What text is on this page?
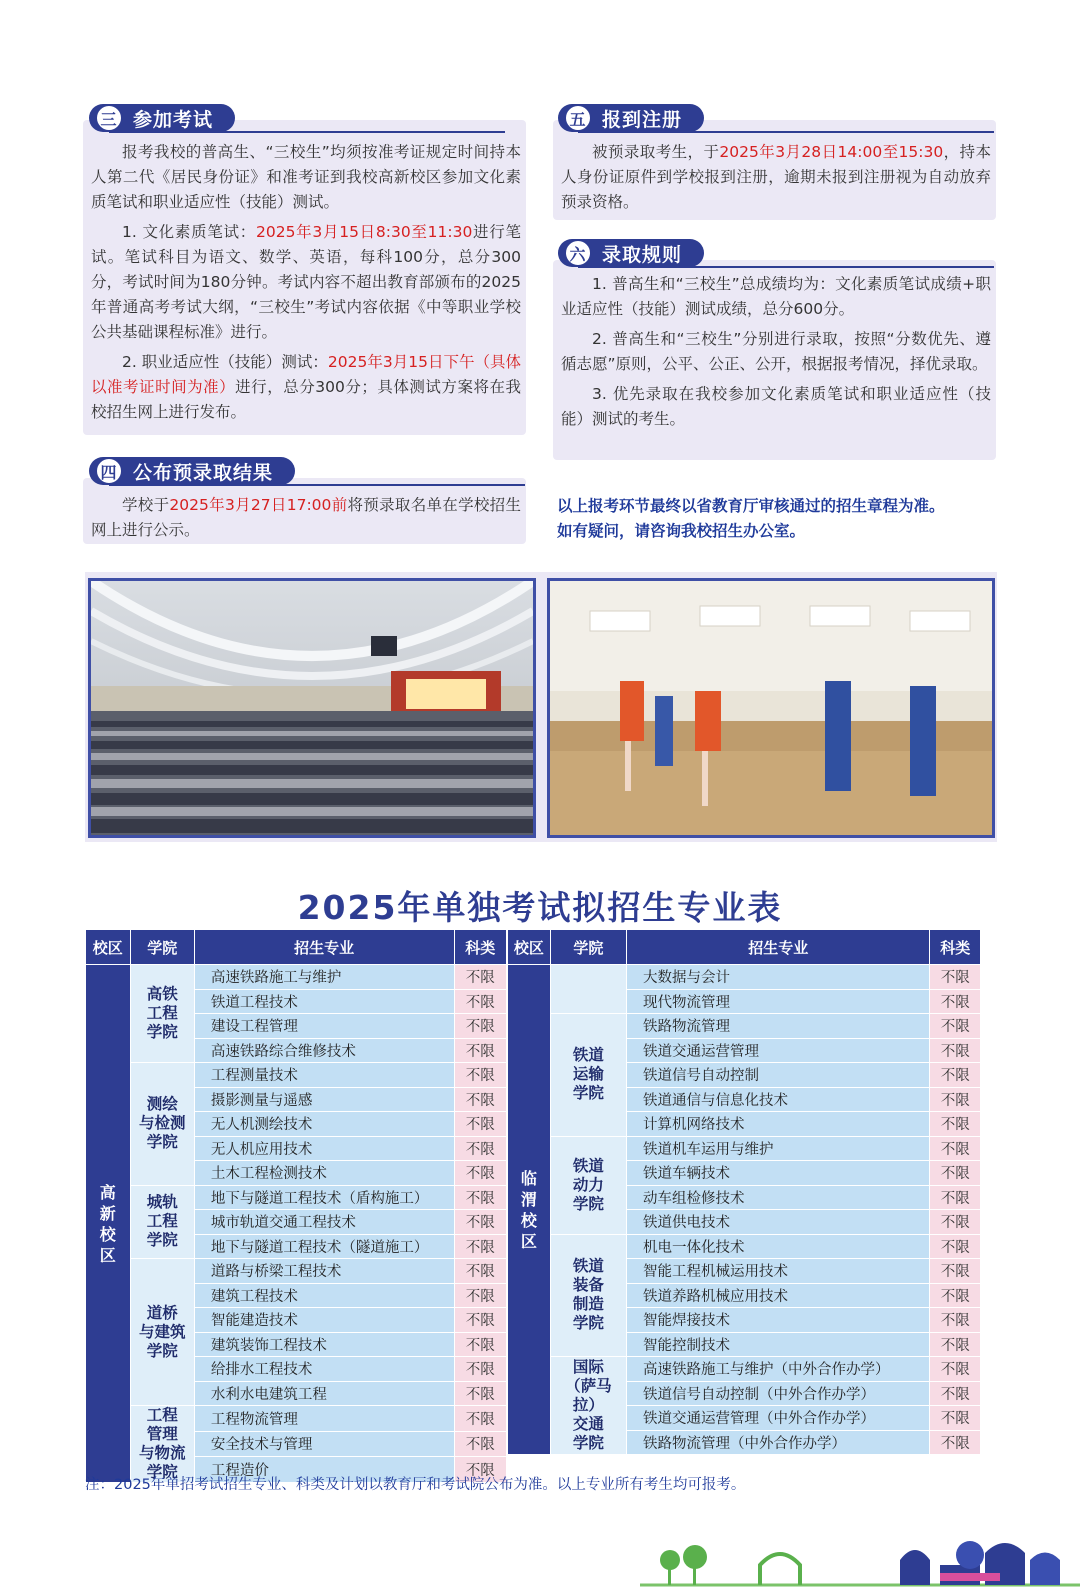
三 参加考试

报考我校的普高生、“三校生”均须按准考证规定时间持本人第二代《居民身份证》和准考证到我校高新校区参加文化素质笔试和职业适应性（技能）测试。

1. 文化素质笔试：2025年3月15日8:30至11:30进行笔试。笔试科目为语文、数学、英语，每科100分，总分300分，考试时间为180分钟。考试内容不超出教育部颁布的2025年普通高考考试大纲，“三校生”考试内容依据《中等职业学校公共基础课程标准》进行。

2. 职业适应性（技能）测试：2025年3月15日下午（具体以准考证时间为准）进行，总分300分；具体测试方案将在我校招生网上进行发布。

四 公布预录取结果

学校于2025年3月27日17:00前将预录取名单在学校招生网上进行公示。

五 报到注册

被预录取考生，于2025年3月28日14:00至15:30，持本人身份证原件到学校报到注册，逾期未报到注册视为自动放弃预录资格。

六 录取规则

1. 普高生和“三校生”总成绩均为：文化素质笔试成绩+职业适应性（技能）测试成绩，总分600分。

2. 普高生和“三校生”分别进行录取，按照“分数优先、遵循志愿”原则，公平、公正、公开，根据报考情况，择优录取。

3. 优先录取在我校参加文化素质笔试和职业适应性（技能）测试的考生。

以上报考环节最终以省教育厅审核通过的招生章程为准。
如有疑问，请咨询我校招生办公室。
2025年单独考试拟招生专业表
校区	学院	招生专业	科类
高
新
校
区	高铁
工程
学院	高速铁路施工与维护	不限
		铁道工程技术	不限
		建设工程管理	不限
		高速铁路综合维修技术	不限
	测绘
与检测
学院	工程测量技术	不限
		摄影测量与遥感	不限
		无人机测绘技术	不限
		无人机应用技术	不限
		土木工程检测技术	不限
	城轨
工程
学院	地下与隧道工程技术（盾构施工）	不限
		城市轨道交通工程技术	不限
		地下与隧道工程技术（隧道施工）	不限
	道桥
与建筑
学院	道路与桥梁工程技术	不限
		建筑工程技术	不限
		智能建造技术	不限
		建筑装饰工程技术	不限
		给排水工程技术	不限
		水利水电建筑工程	不限
	工程
管理
与物流
学院	工程物流管理	不限
		安全技术与管理	不限
		工程造价	不限
校区	学院	招生专业	科类
临
渭
校
区		大数据与会计	不限
		现代物流管理	不限
	铁道
运输
学院	铁路物流管理	不限
		铁道交通运营管理	不限
		铁道信号自动控制	不限
		铁道通信与信息化技术	不限
		计算机网络技术	不限
	铁道
动力
学院	铁道机车运用与维护	不限
		铁道车辆技术	不限
		动车组检修技术	不限
		铁道供电技术	不限
	铁道
装备
制造
学院	机电一体化技术	不限
		智能工程机械运用技术	不限
		铁道养路机械应用技术	不限
		智能焊接技术	不限
		智能控制技术	不限
	国际
（萨马拉）
交通
学院	高速铁路施工与维护（中外合作办学）	不限
		铁道信号自动控制（中外合作办学）	不限
		铁道交通运营管理（中外合作办学）	不限
		铁路物流管理（中外合作办学）	不限
注：2025年单招考试招生专业、科类及计划以教育厅和考试院公布为准。以上专业所有考生均可报考。
